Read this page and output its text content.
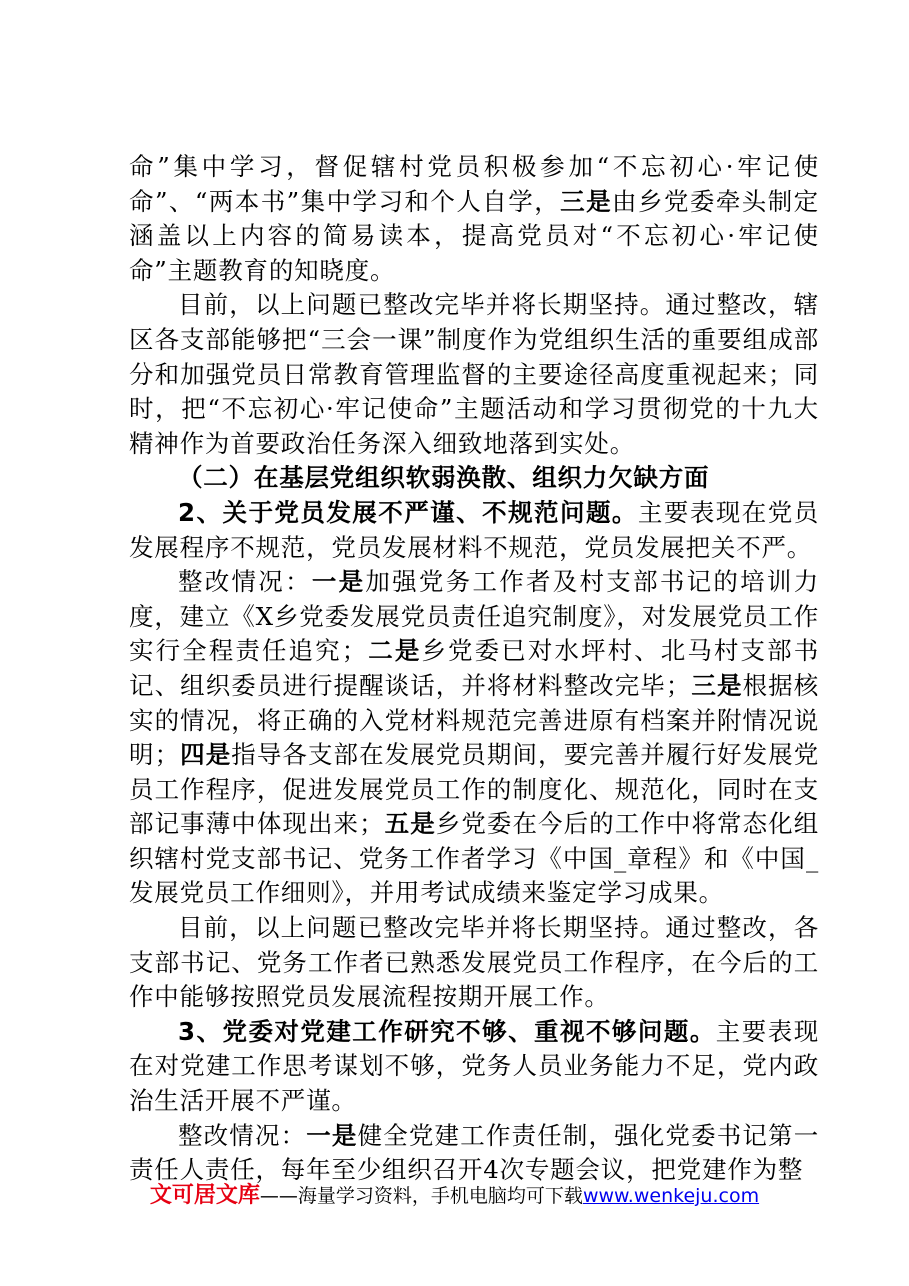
命”集中学习，督促辖村党员积极参加“不忘初心·牢记使命”、“两本书”集中学习和个人自学，三是由乡党委牵头制定涵盖以上内容的简易读本，提高党员对“不忘初心·牢记使命”主题教育的知晓度。

目前，以上问题已整改完毕并将长期坚持。通过整改，辖区各支部能够把“三会一课”制度作为党组织生活的重要组成部分和加强党员日常教育管理监督的主要途径高度重视起来；同时，把“不忘初心·牢记使命”主题活动和学习贯彻党的十九大精神作为首要政治任务深入细致地落到实处。

（二）在基层党组织软弱涣散、组织力欠缺方面

2、关于党员发展不严谨、不规范问题。主要表现在党员发展程序不规范，党员发展材料不规范，党员发展把关不严。

整改情况：一是加强党务工作者及村支部书记的培训力度，建立《X乡党委发展党员责任追究制度》，对发展党员工作实行全程责任追究；二是乡党委已对水坪村、北马村支部书记、组织委员进行提醒谈话，并将材料整改完毕；三是根据核实的情况，将正确的入党材料规范完善进原有档案并附情况说明；四是指导各支部在发展党员期间，要完善并履行好发展党员工作程序，促进发展党员工作的制度化、规范化，同时在支部记事薄中体现出来；五是乡党委在今后的工作中将常态化组织辖村党支部书记、党务工作者学习《中国_章程》和《中国_发展党员工作细则》，并用考试成绩来鉴定学习成果。

目前，以上问题已整改完毕并将长期坚持。通过整改，各支部书记、党务工作者已熟悉发展党员工作程序，在今后的工作中能够按照党员发展流程按期开展工作。

3、党委对党建工作研究不够、重视不够问题。主要表现在对党建工作思考谋划不够，党务人员业务能力不足，党内政治生活开展不严谨。

整改情况：一是健全党建工作责任制，强化党委书记第一责任人责任，每年至少组织召开4次专题会议，把党建作为整

文可居文库——海量学习资料，手机电脑均可下载www.wenkeju.com
